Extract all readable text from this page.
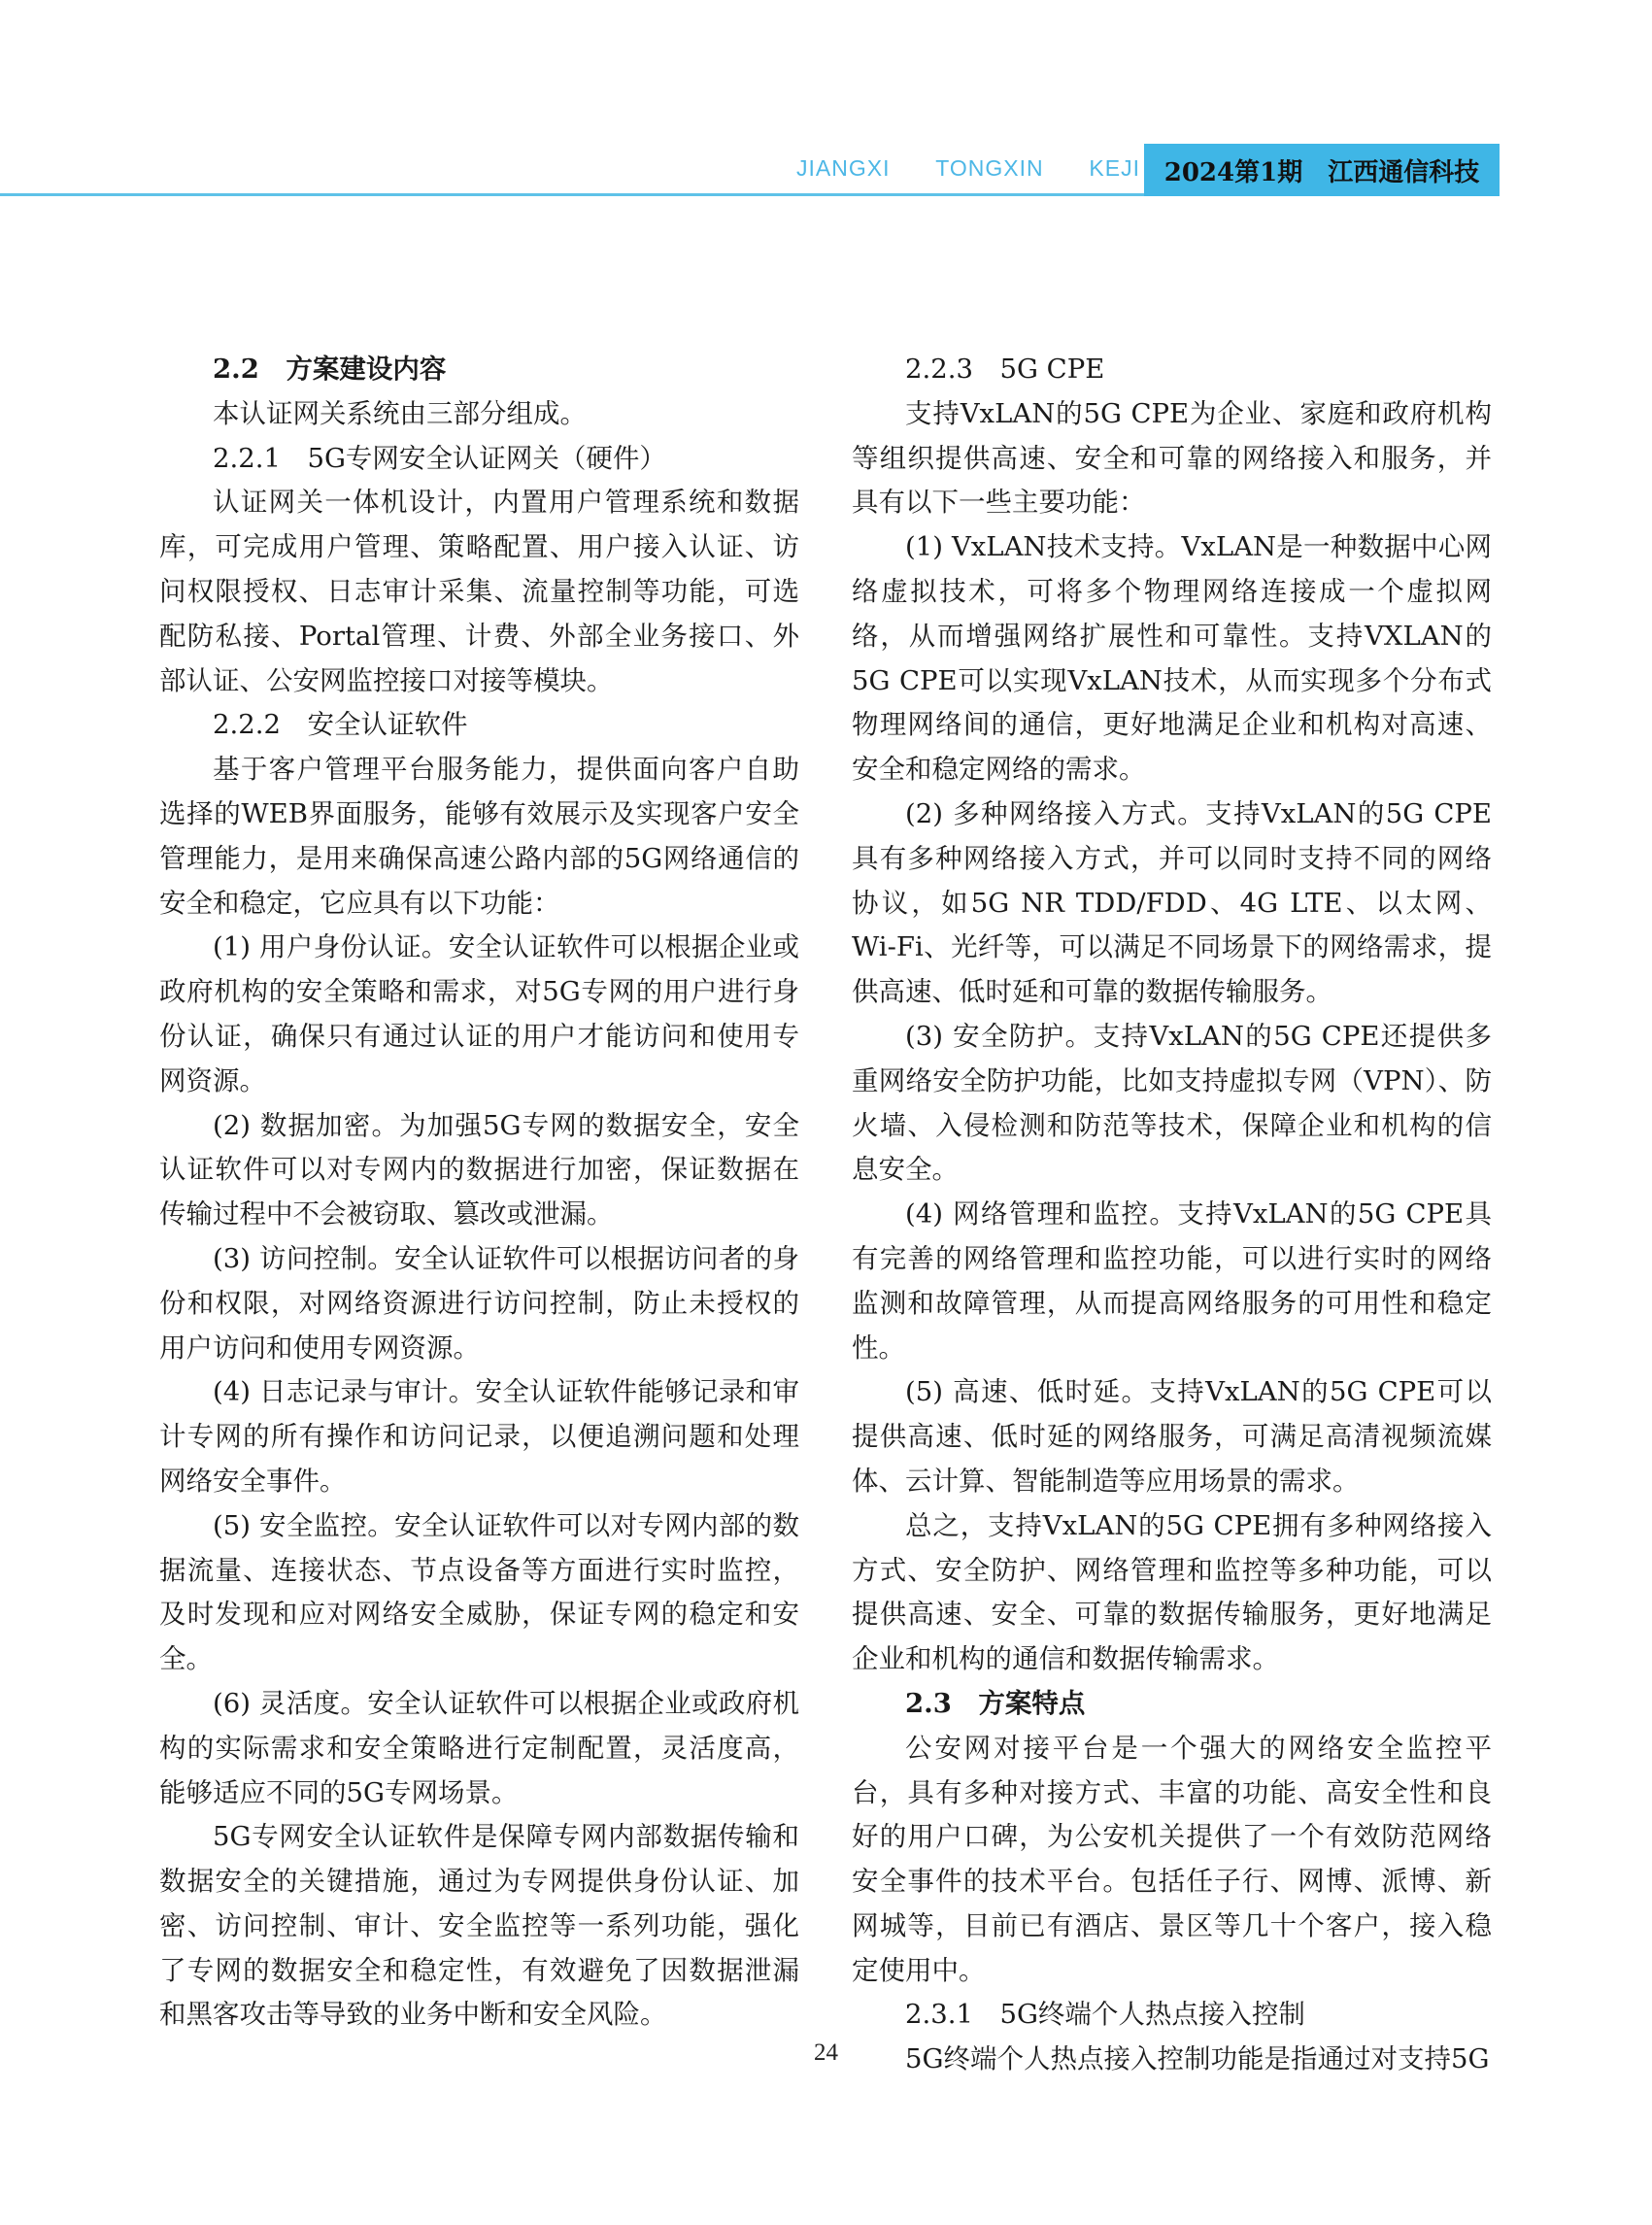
JIANGXI TONGXIN KEJI 2024第1期 江西通信科技

2.2　方案建设内容

本认证网关系统由三部分组成。

2.2.1　5G专网安全认证网关（硬件）

认证网关一体机设计，内置用户管理系统和数据库，可完成用户管理、策略配置、用户接入认证、访问权限授权、日志审计采集、流量控制等功能，可选配防私接、Portal管理、计费、外部全业务接口、外部认证、公安网监控接口对接等模块。

2.2.2　安全认证软件

基于客户管理平台服务能力，提供面向客户自助选择的WEB界面服务，能够有效展示及实现客户安全管理能力，是用来确保高速公路内部的5G网络通信的安全和稳定，它应具有以下功能：

(1) 用户身份认证。安全认证软件可以根据企业或政府机构的安全策略和需求，对5G专网的用户进行身份认证，确保只有通过认证的用户才能访问和使用专网资源。

(2) 数据加密。为加强5G专网的数据安全，安全认证软件可以对专网内的数据进行加密，保证数据在传输过程中不会被窃取、篡改或泄漏。

(3) 访问控制。安全认证软件可以根据访问者的身份和权限，对网络资源进行访问控制，防止未授权的用户访问和使用专网资源。

(4) 日志记录与审计。安全认证软件能够记录和审计专网的所有操作和访问记录，以便追溯问题和处理网络安全事件。

(5) 安全监控。安全认证软件可以对专网内部的数据流量、连接状态、节点设备等方面进行实时监控，及时发现和应对网络安全威胁，保证专网的稳定和安全。

(6) 灵活度。安全认证软件可以根据企业或政府机构的实际需求和安全策略进行定制配置，灵活度高，能够适应不同的5G专网场景。

5G专网安全认证软件是保障专网内部数据传输和数据安全的关键措施，通过为专网提供身份认证、加密、访问控制、审计、安全监控等一系列功能，强化了专网的数据安全和稳定性，有效避免了因数据泄漏和黑客攻击等导致的业务中断和安全风险。

2.2.3　5G CPE

支持VxLAN的5G CPE为企业、家庭和政府机构等组织提供高速、安全和可靠的网络接入和服务，并具有以下一些主要功能：

(1) VxLAN技术支持。VxLAN是一种数据中心网络虚拟技术，可将多个物理网络连接成一个虚拟网络，从而增强网络扩展性和可靠性。支持VXLAN的5G CPE可以实现VxLAN技术，从而实现多个分布式物理网络间的通信，更好地满足企业和机构对高速、安全和稳定网络的需求。

(2) 多种网络接入方式。支持VxLAN的5G CPE具有多种网络接入方式，并可以同时支持不同的网络协议，如5G NR TDD/FDD、4G LTE、以太网、Wi-Fi、光纤等，可以满足不同场景下的网络需求，提供高速、低时延和可靠的数据传输服务。

(3) 安全防护。支持VxLAN的5G CPE还提供多重网络安全防护功能，比如支持虚拟专网（VPN）、防火墙、入侵检测和防范等技术，保障企业和机构的信息安全。

(4) 网络管理和监控。支持VxLAN的5G CPE具有完善的网络管理和监控功能，可以进行实时的网络监测和故障管理，从而提高网络服务的可用性和稳定性。

(5) 高速、低时延。支持VxLAN的5G CPE可以提供高速、低时延的网络服务，可满足高清视频流媒体、云计算、智能制造等应用场景的需求。

总之，支持VxLAN的5G CPE拥有多种网络接入方式、安全防护、网络管理和监控等多种功能，可以提供高速、安全、可靠的数据传输服务，更好地满足企业和机构的通信和数据传输需求。

2.3　方案特点

公安网对接平台是一个强大的网络安全监控平台，具有多种对接方式、丰富的功能、高安全性和良好的用户口碑，为公安机关提供了一个有效防范网络安全事件的技术平台。包括任子行、网博、派博、新网城等，目前已有酒店、景区等几十个客户，接入稳定使用中。

2.3.1　5G终端个人热点接入控制

5G终端个人热点接入控制功能是指通过对支持5G

24
